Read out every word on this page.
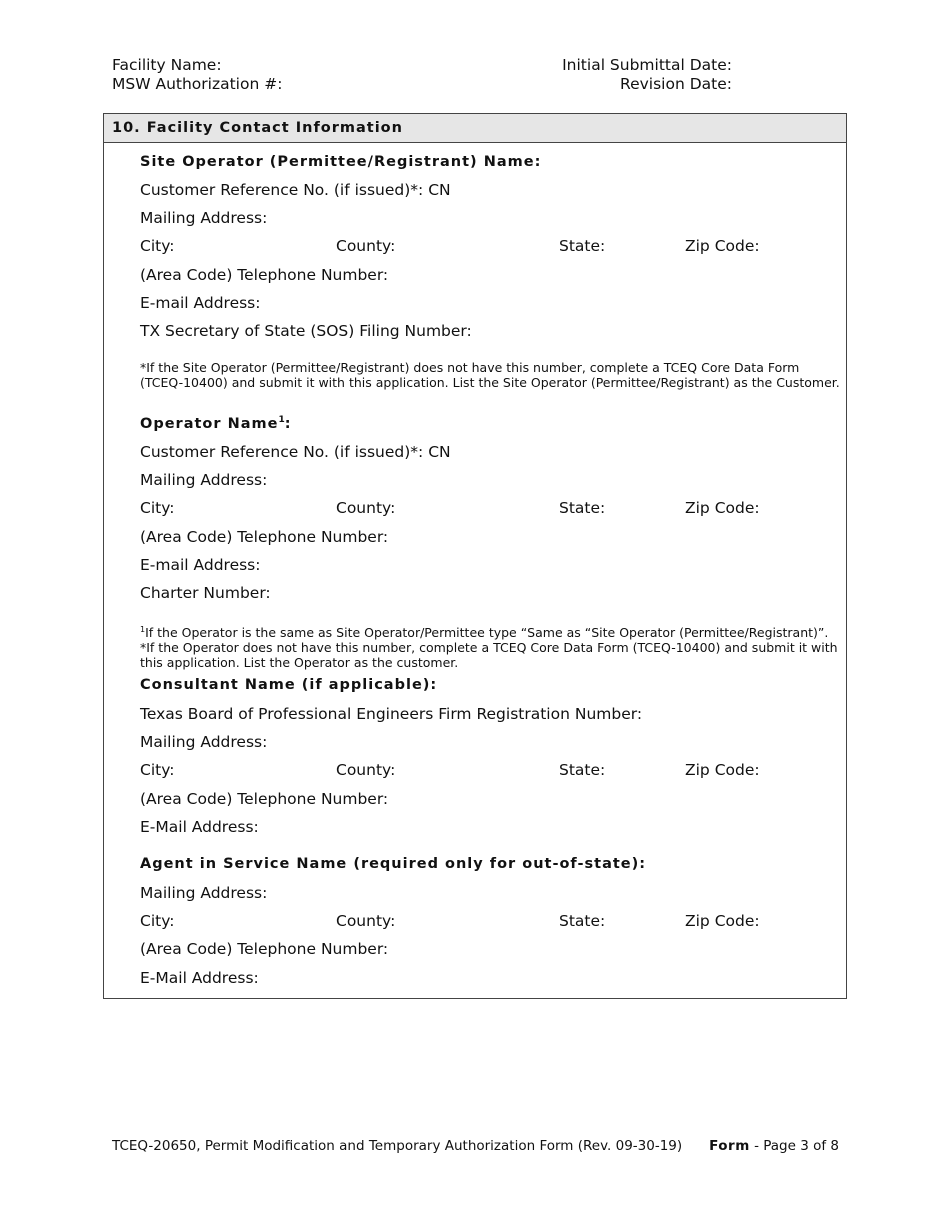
Facility Name:
MSW Authorization #:
Initial Submittal Date:
Revision Date:
10. Facility Contact Information
Site Operator (Permittee/Registrant) Name:
Customer Reference No. (if issued)*: CN
Mailing Address:
City:	County:	State:	Zip Code:
(Area Code) Telephone Number:
E-mail Address:
TX Secretary of State (SOS) Filing Number:
*If the Site Operator (Permittee/Registrant) does not have this number, complete a TCEQ Core Data Form (TCEQ-10400) and submit it with this application. List the Site Operator (Permittee/Registrant) as the Customer.
Operator Name$^1$:
Customer Reference No. (if issued)*: CN
Mailing Address:
City:	County:	State:	Zip Code:
(Area Code) Telephone Number:
E-mail Address:
Charter Number:
$^1$If the Operator is the same as Site Operator/Permittee type “Same as “Site Operator (Permittee/Registrant)”.
*If the Operator does not have this number, complete a TCEQ Core Data Form (TCEQ-10400) and submit it with this application. List the Operator as the customer.
Consultant Name (if applicable):
Texas Board of Professional Engineers Firm Registration Number:
Mailing Address:
City:	County:	State:	Zip Code:
(Area Code) Telephone Number:
E-Mail Address:
Agent in Service Name (required only for out-of-state):
Mailing Address:
City:	County:	State:	Zip Code:
(Area Code) Telephone Number:
E-Mail Address:
TCEQ-20650, Permit Modification and Temporary Authorization Form (Rev. 09-30-19) Form - Page 3 of 8
